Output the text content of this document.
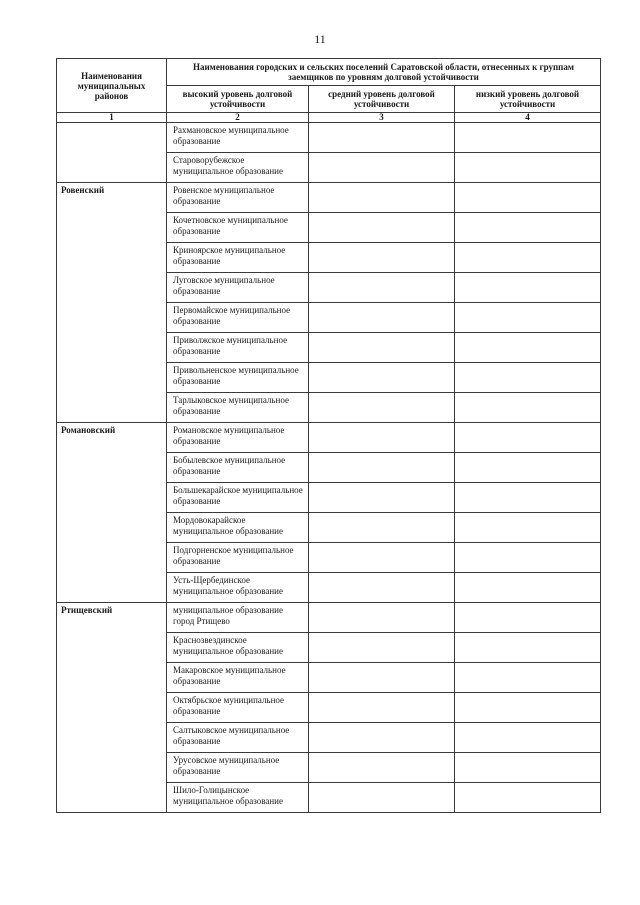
11
Наименования муниципальных районов	Наименования городских и сельских поселений Саратовской области, отнесенных к группам заемщиков по уровням долговой устойчивости		
	высокий уровень долговой устойчивости	средний уровень долговой устойчивости	низкий уровень долговой устойчивости
1	2	3	4
	Рахмановское муниципальное образование		
	Староворубежское муниципальное образование		
Ровенский	Ровенское муниципальное образование		
	Кочетновское муниципальное образование		
	Криноярское муниципальное образование		
	Луговское муниципальное образование		
	Первомайское муниципальное образование		
	Приволжское муниципальное образование		
	Привольненское муниципальное образование		
	Тарлыковское муниципальное образование		
Романовский	Романовское муниципальное образование		
	Бобылевское муниципальное образование		
	Большекарайское муниципальное образование		
	Мордовокарайское муниципальное образование		
	Подгорненское муниципальное образование		
	Усть-Щербединское муниципальное образование		
Ртищевский	муниципальное образование город Ртищево		
	Краснозвездинское муниципальное образование		
	Макаровское муниципальное образование		
	Октябрьское муниципальное образование		
	Салтыковское муниципальное образование		
	Урусовское муниципальное образование		
	Шило-Голицынское муниципальное образование		
